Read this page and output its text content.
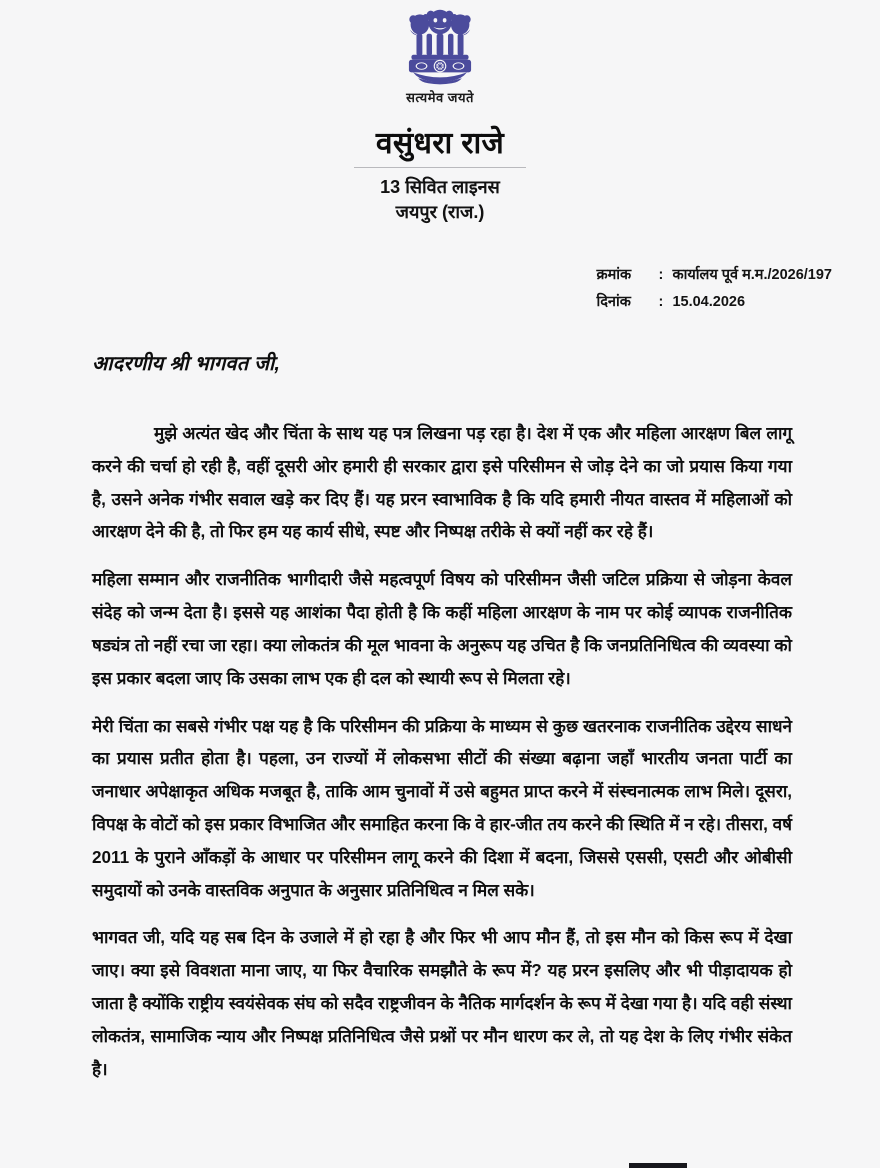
सत्यमेव जयते
वसुंधरा राजे
13 सिवित लाइनस
जयपुर (राज.)
क्रमांक : कार्यालय पूर्व म.म./2026/197
दिनांक : 15.04.2026
आदरणीय श्री भागवत जी,

मुझे अत्यंत खेद और चिंता के साथ यह पत्र लिखना पड़ रहा है। देश में एक और महिला आरक्षण बिल लागू करने की चर्चा हो रही है, वहीं दूसरी ओर हमारी ही सरकार द्वारा इसे परिसीमन से जोड़ देने का जो प्रयास किया गया है, उसने अनेक गंभीर सवाल खड़े कर दिए हैं। यह प्ररन स्वाभाविक है कि यदि हमारी नीयत वास्तव में महिलाओं को आरक्षण देने की है, तो फिर हम यह कार्य सीधे, स्पष्ट और निष्पक्ष तरीके से क्यों नहीं कर रहे हैं।

महिला सम्मान और राजनीतिक भागीदारी जैसे महत्वपूर्ण विषय को परिसीमन जैसी जटिल प्रक्रिया से जोड़ना केवल संदेह को जन्म देता है। इससे यह आशंका पैदा होती है कि कहीं महिला आरक्षण के नाम पर कोई व्यापक राजनीतिक षड्यंत्र तो नहीं रचा जा रहा। क्या लोकतंत्र की मूल भावना के अनुरूप यह उचित है कि जनप्रतिनिधित्व की व्यवस्या को इस प्रकार बदला जाए कि उसका लाभ एक ही दल को स्थायी रूप से मिलता रहे।

मेरी चिंता का सबसे गंभीर पक्ष यह है कि परिसीमन की प्रक्रिया के माध्यम से कुछ खतरनाक राजनीतिक उद्देरय साधने का प्रयास प्रतीत होता है। पहला, उन राज्यों में लोकसभा सीटों की संख्या बढ़ाना जहाँ भारतीय जनता पार्टी का जनाधार अपेक्षाकृत अधिक मजबूत है, ताकि आम चुनावों में उसे बहुमत प्राप्त करने में संस्चनात्मक लाभ मिले। दूसरा, विपक्ष के वोटों को इस प्रकार विभाजित और समाहित करना कि वे हार-जीत तय करने की स्थिति में न रहे। तीसरा, वर्ष 2011 के पुराने ऑंकड़ों के आधार पर परिसीमन लागू करने की दिशा में बदना, जिससे एससी, एसटी और ओबीसी समुदायों को उनके वास्तविक अनुपात के अनुसार प्रतिनिधित्व न मिल सके।

भागवत जी, यदि यह सब दिन के उजाले में हो रहा है और फिर भी आप मौन हैं, तो इस मौन को किस रूप में देखा जाए। क्या इसे विवशता माना जाए, या फिर वैचारिक समझौते के रूप में? यह प्ररन इसलिए और भी पीड़ादायक हो जाता है क्योंकि राष्ट्रीय स्वयंसेवक संघ को सदैव राष्ट्रजीवन के नैतिक मार्गदर्शन के रूप में देखा गया है। यदि वही संस्था लोकतंत्र, सामाजिक न्याय और निष्पक्ष प्रतिनिधित्व जैसे प्रश्नों पर मौन धारण कर ले, तो यह देश के लिए गंभीर संकेत है।
